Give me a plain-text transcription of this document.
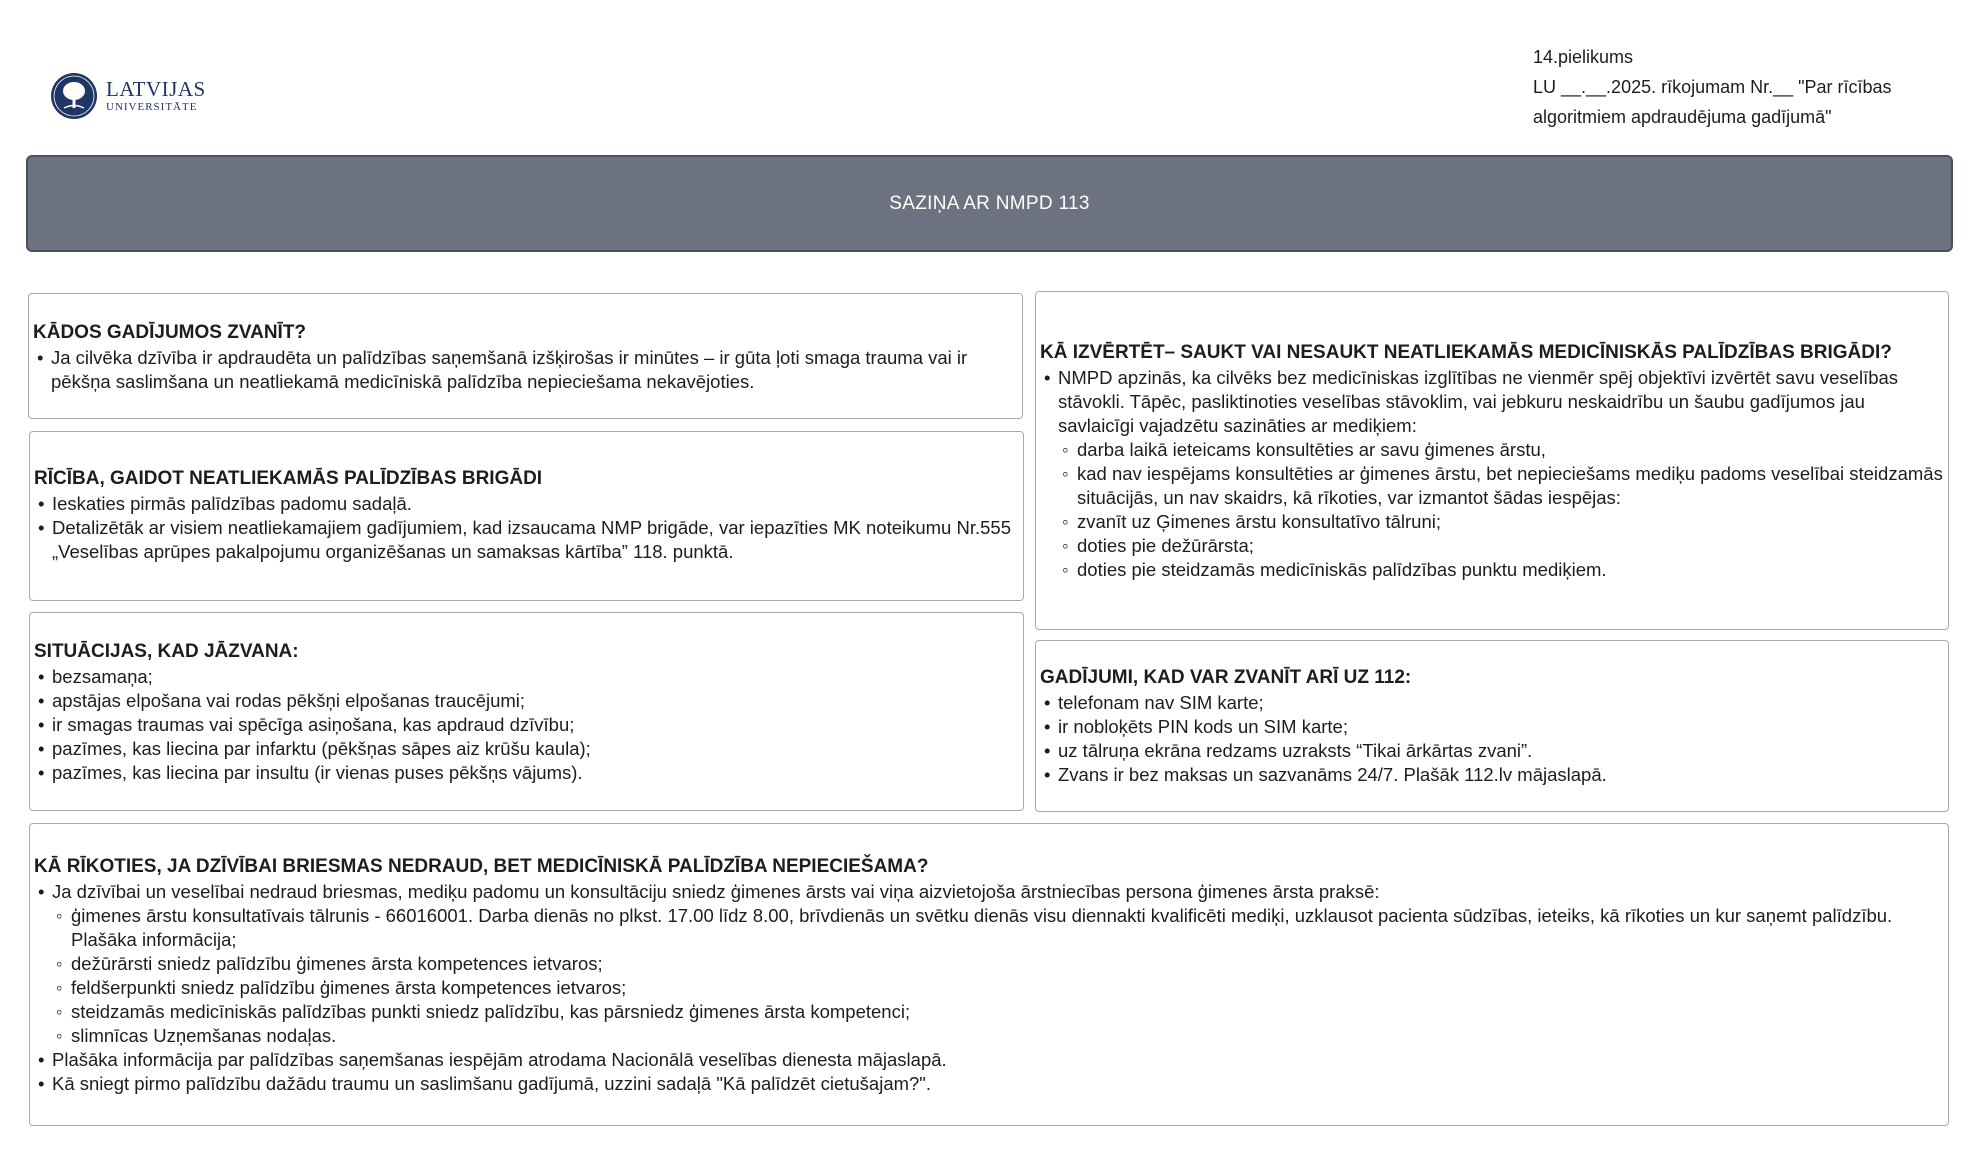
LATVIJAS
UNIVERSITĀTE
14.pielikums
LU __.__.2025. rīkojumam Nr.__ "Par rīcības
algoritmiem apdraudējuma gadījumā"
SAZIŅA AR NMPD 113
KĀDOS GADĪJUMOS ZVANĪT?
• Ja cilvēka dzīvība ir apdraudēta un palīdzības saņemšanā izšķirošas ir minūtes – ir gūta ļoti smaga trauma vai ir pēkšņa saslimšana un neatliekamā medicīniskā palīdzība nepieciešama nekavējoties.
RĪCĪBA, GAIDOT NEATLIEKAMĀS PALĪDZĪBAS BRIGĀDI
• Ieskaties pirmās palīdzības padomu sadaļā.
• Detalizētāk ar visiem neatliekamajiem gadījumiem, kad izsaucama NMP brigāde, var iepazīties MK noteikumu Nr.555 „Veselības aprūpes pakalpojumu organizēšanas un samaksas kārtība” 118. punktā.
SITUĀCIJAS, KAD JĀZVANA:
• bezsamaņa;
• apstājas elpošana vai rodas pēkšņi elpošanas traucējumi;
• ir smagas traumas vai spēcīga asiņošana, kas apdraud dzīvību;
• pazīmes, kas liecina par infarktu (pēkšņas sāpes aiz krūšu kaula);
• pazīmes, kas liecina par insultu (ir vienas puses pēkšņs vājums).
KĀ IZVĒRTĒT– SAUKT VAI NESAUKT NEATLIEKAMĀS MEDICĪNISKĀS PALĪDZĪBAS BRIGĀDI?
• NMPD apzinās, ka cilvēks bez medicīniskas izglītības ne vienmēr spēj objektīvi izvērtēt savu veselības stāvokli. Tāpēc, pasliktinoties veselības stāvoklim, vai jebkuru neskaidrību un šaubu gadījumos jau savlaicīgi vajadzētu sazināties ar mediķiem:
◦ darba laikā ieteicams konsultēties ar savu ģimenes ārstu,
◦ kad nav iespējams konsultēties ar ģimenes ārstu, bet nepieciešams mediķu padoms veselībai steidzamās situācijās, un nav skaidrs, kā rīkoties, var izmantot šādas iespējas:
◦ zvanīt uz Ģimenes ārstu konsultatīvo tālruni;
◦ doties pie dežūrārsta;
◦ doties pie steidzamās medicīniskās palīdzības punktu mediķiem.
GADĪJUMI, KAD VAR ZVANĪT ARĪ UZ 112:
• telefonam nav SIM karte;
• ir nobloķēts PIN kods un SIM karte;
• uz tālruņa ekrāna redzams uzraksts “Tikai ārkārtas zvani”.
• Zvans ir bez maksas un sazvanāms 24/7. Plašāk 112.lv mājaslapā.
KĀ RĪKOTIES, JA DZĪVĪBAI BRIESMAS NEDRAUD, BET MEDICĪNISKĀ PALĪDZĪBA NEPIECIEŠAMA?
• Ja dzīvībai un veselībai nedraud briesmas, mediķu padomu un konsultāciju sniedz ģimenes ārsts vai viņa aizvietojoša ārstniecības persona ģimenes ārsta praksē:
◦ ģimenes ārstu konsultatīvais tālrunis - 66016001. Darba dienās no plkst. 17.00 līdz 8.00, brīvdienās un svētku dienās visu diennakti kvalificēti mediķi, uzklausot pacienta sūdzības, ieteiks, kā rīkoties un kur saņemt palīdzību. Plašāka informācija;
◦ dežūrārsti sniedz palīdzību ģimenes ārsta kompetences ietvaros;
◦ feldšerpunkti sniedz palīdzību ģimenes ārsta kompetences ietvaros;
◦ steidzamās medicīniskās palīdzības punkti sniedz palīdzību, kas pārsniedz ģimenes ārsta kompetenci;
◦ slimnīcas Uzņemšanas nodaļas.
• Plašāka informācija par palīdzības saņemšanas iespējām atrodama Nacionālā veselības dienesta mājaslapā.
• Kā sniegt pirmo palīdzību dažādu traumu un saslimšanu gadījumā, uzzini sadaļā "Kā palīdzēt cietušajam?".
